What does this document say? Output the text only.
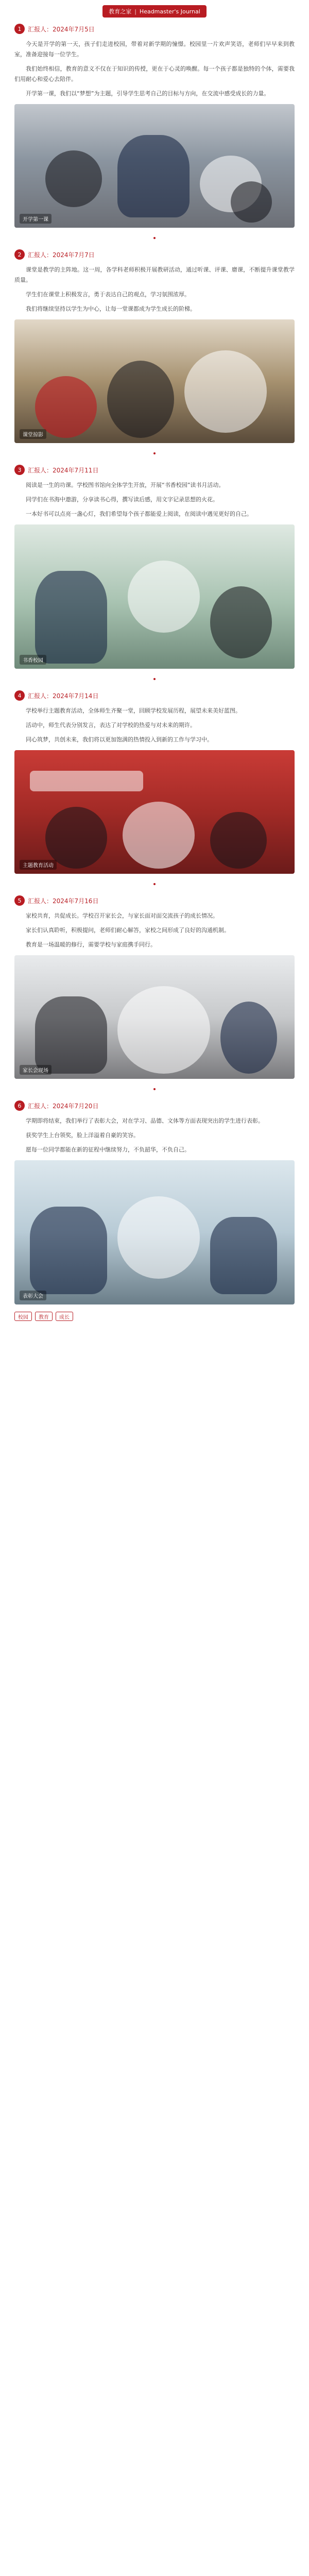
教育之家 | Headmaster's Journal
1	汇报人：2024年7月5日

今天是开学的第一天，孩子们走进校园，带着对新学期的憧憬。校园里一片欢声笑语，老师们早早来到教室，准备迎接每一位学生。

我们始终相信，教育的意义不仅在于知识的传授，更在于心灵的唤醒。每一个孩子都是独特的个体，需要我们用耐心和爱心去陪伴。

开学第一课，我们以“梦想”为主题，引导学生思考自己的目标与方向，在交流中感受成长的力量。

开学第一课
2	汇报人：2024年7月7日

课堂是教学的主阵地。这一周，各学科老师积极开展教研活动，通过听课、评课、磨课，不断提升课堂教学质量。

学生们在课堂上积极发言，勇于表达自己的观点，学习氛围浓厚。

我们将继续坚持以学生为中心，让每一堂课都成为学生成长的阶梯。

课堂掠影
3	汇报人：2024年7月11日

阅读是一生的功课。学校图书馆向全体学生开放，开展“书香校园”读书月活动。

同学们在书海中遨游，分享读书心得，撰写读后感，用文字记录思想的火花。

一本好书可以点亮一盏心灯，我们希望每个孩子都能爱上阅读，在阅读中遇见更好的自己。

书香校园
4	汇报人：2024年7月14日

学校举行主题教育活动，全体师生齐聚一堂，回顾学校发展历程，展望未来美好蓝图。

活动中，师生代表分别发言，表达了对学校的热爱与对未来的期许。

同心筑梦，共创未来，我们将以更加饱满的热情投入到新的工作与学习中。

主题教育活动
5	汇报人：2024年7月16日

家校共育，共促成长。学校召开家长会，与家长面对面交流孩子的成长情况。

家长们认真聆听，积极提问，老师们耐心解答，家校之间形成了良好的沟通机制。

教育是一场温暖的修行，需要学校与家庭携手同行。

家长会现场
6	汇报人：2024年7月20日

学期即将结束，我们举行了表彰大会，对在学习、品德、文体等方面表现突出的学生进行表彰。

获奖学生上台领奖，脸上洋溢着自豪的笑容。

愿每一位同学都能在新的征程中继续努力，不负韶华，不负自己。

表彰大会
校园	教育	成长
